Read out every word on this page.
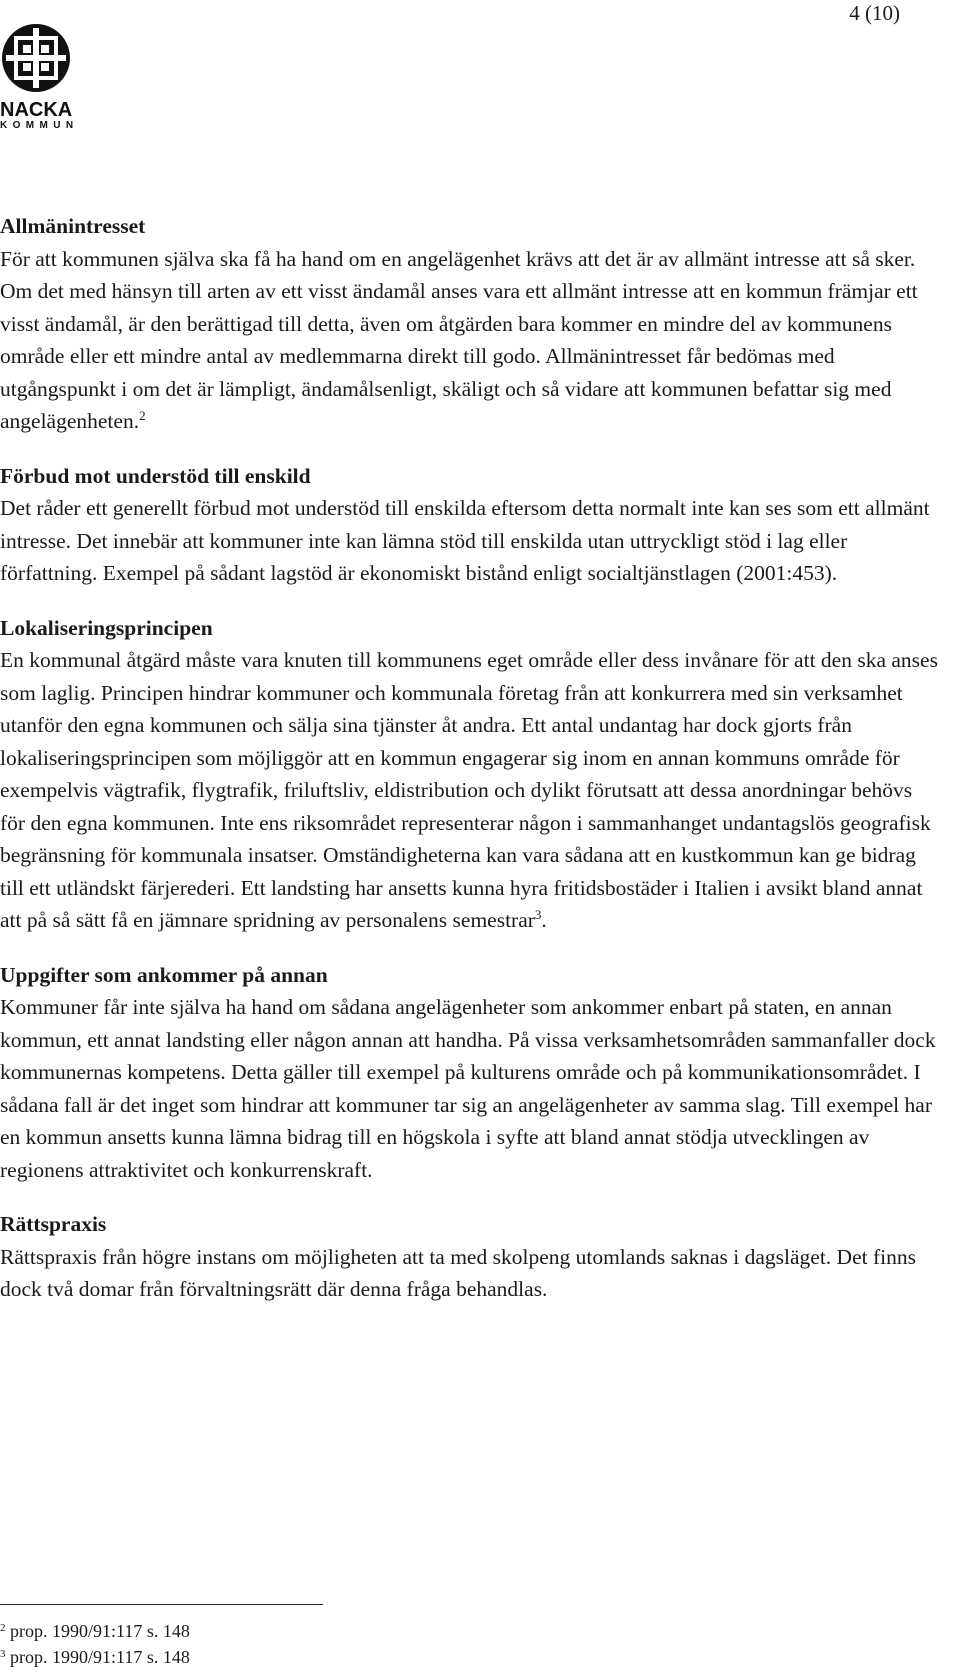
4 (10)
NACKA
KOMMUN
Allmänintresset

För att kommunen själva ska få ha hand om en angelägenhet krävs att det är av allmänt intresse att så sker. Om det med hänsyn till arten av ett visst ändamål anses vara ett allmänt intresse att en kommun främjar ett visst ändamål, är den berättigad till detta, även om åtgärden bara kommer en mindre del av kommunens område eller ett mindre antal av medlemmarna direkt till godo. Allmänintresset får bedömas med utgångspunkt i om det är lämpligt, ändamålsenligt, skäligt och så vidare att kommunen befattar sig med angelägenheten.$^2$

Förbud mot understöd till enskild

Det råder ett generellt förbud mot understöd till enskilda eftersom detta normalt inte kan ses som ett allmänt intresse. Det innebär att kommuner inte kan lämna stöd till enskilda utan uttryckligt stöd i lag eller författning. Exempel på sådant lagstöd är ekonomiskt bistånd enligt socialtjänstlagen (2001:453).

Lokaliseringsprincipen

En kommunal åtgärd måste vara knuten till kommunens eget område eller dess invånare för att den ska anses som laglig. Principen hindrar kommuner och kommunala företag från att konkurrera med sin verksamhet utanför den egna kommunen och sälja sina tjänster åt andra. Ett antal undantag har dock gjorts från lokaliseringsprincipen som möjliggör att en kommun engagerar sig inom en annan kommuns område för exempelvis vägtrafik, flygtrafik, friluftsliv, eldistribution och dylikt förutsatt att dessa anordningar behövs för den egna kommunen. Inte ens riksområdet representerar någon i sammanhanget undantagslös geografisk begränsning för kommunala insatser. Omständigheterna kan vara sådana att en kustkommun kan ge bidrag till ett utländskt färjerederi. Ett landsting har ansetts kunna hyra fritidsbostäder i Italien i avsikt bland annat att på så sätt få en jämnare spridning av personalens semestrar$^3$.

Uppgifter som ankommer på annan

Kommuner får inte själva ha hand om sådana angelägenheter som ankommer enbart på staten, en annan kommun, ett annat landsting eller någon annan att handha. På vissa verksamhetsområden sammanfaller dock kommunernas kompetens. Detta gäller till exempel på kulturens område och på kommunikationsområdet. I sådana fall är det inget som hindrar att kommuner tar sig an angelägenheter av samma slag. Till exempel har en kommun ansetts kunna lämna bidrag till en högskola i syfte att bland annat stödja utvecklingen av regionens attraktivitet och konkurrenskraft.

Rättspraxis

Rättspraxis från högre instans om möjligheten att ta med skolpeng utomlands saknas i dagsläget. Det finns dock två domar från förvaltningsrätt där denna fråga behandlas.

$^2$ prop. 1990/91:117 s. 148
$^3$ prop. 1990/91:117 s. 148
